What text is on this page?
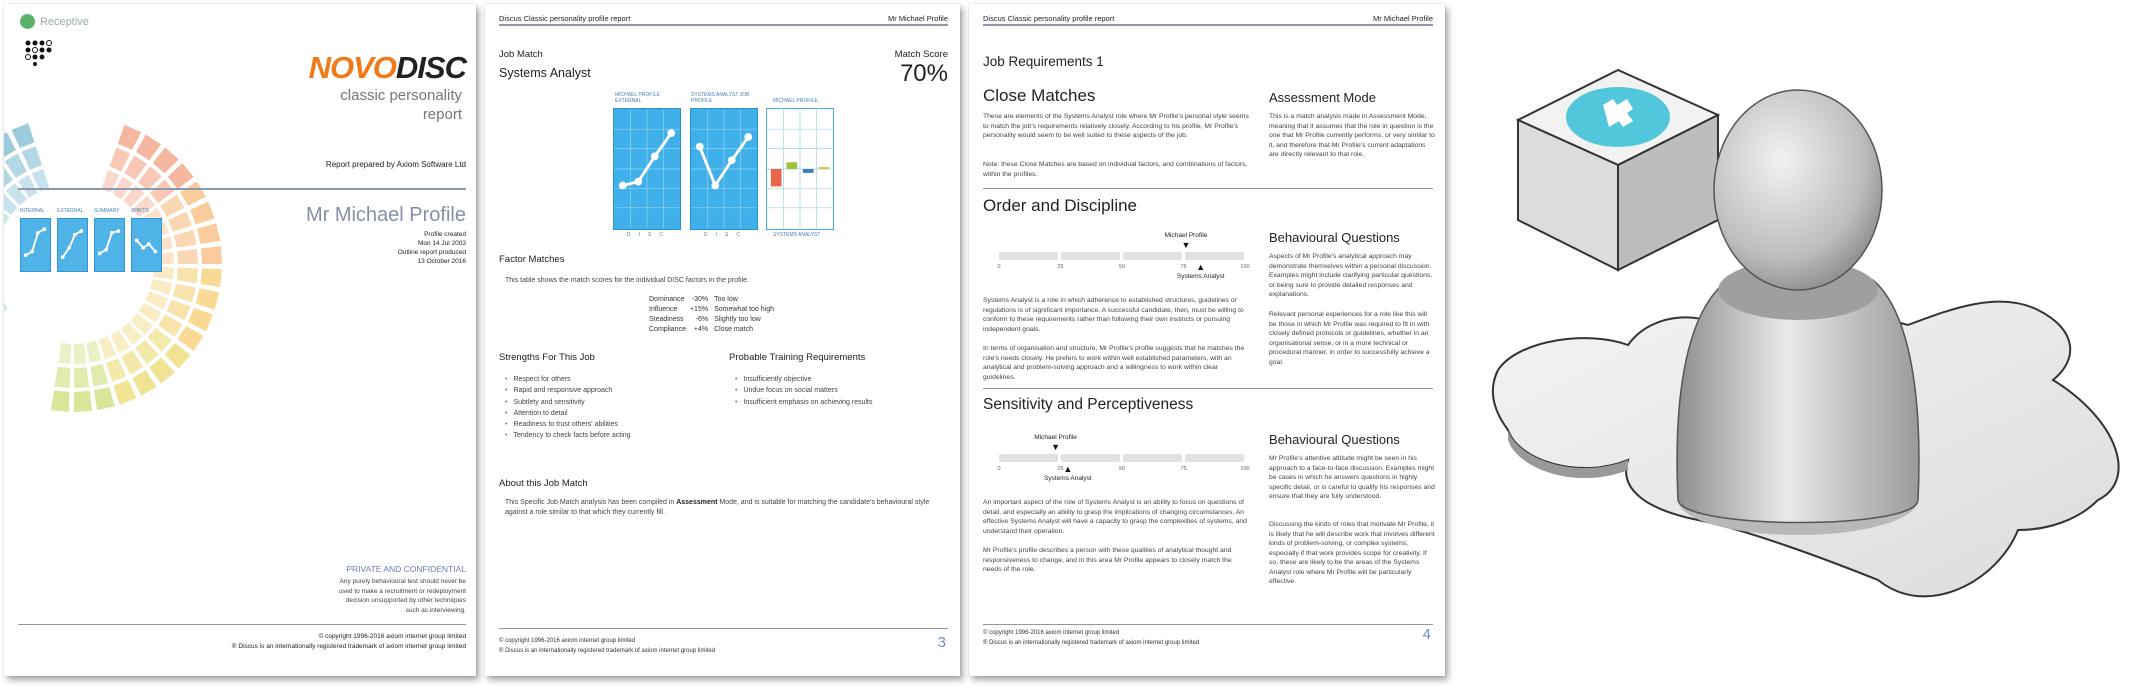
Receptive
NOVODISC
classic personality
report
Report prepared by Axiom Software Ltd
INTERNAL	EXTERNAL	SUMMARY	SHIFTS	Mr Michael Profile
Profile created
Mon 14 Jul 2003
Outline report produced
13 October 2016
PRIVATE AND CONFIDENTIAL
Any purely behavioural test should never be used to make a recruitment or redeployment decision unsupported by other techniques such as interviewing.
© copyright 1996-2016 axiom internet group limited
® Discus is an internationally registered trademark of axiom internet group limited
Discus Classic personality profile report	Mr Michael Profile
Job Match
Systems Analyst
Match Score
70%
MICHAEL PROFILE EXTERNAL
SYSTEMS ANALYST JOB PROFILE	MICHAEL PROFILE
SYSTEMS ANALYST
DISC	DISC
Factor Matches
This table shows the match scores for the individual DISC factors in the profile.
Dominance	-30%	Too low
Influence	+15%	Somewhat too high
Steadiness	-6%	Slightly too low
Compliance	+4%	Close match
Strengths For This Job
• Respect for others
• Rapid and responsive approach
• Subtlety and sensitivity
• Attention to detail
• Readiness to trust others' abilities
• Tendency to check facts before acting
Probable Training Requirements
• Insufficiently objective
• Undue focus on social matters
• Insufficient emphasis on achieving results
About this Job Match
This Specific Job Match analysis has been compiled in Assessment Mode, and is suitable for matching the candidate's behavioural style against a role similar to that which they currently fill.
© copyright 1996-2016 axiom internet group limited
® Discus is an internationally registered trademark of axiom internet group limited	3
Discus Classic personality profile report	Mr Michael Profile
Job Requirements 1
Close Matches
These are elements of the Systems Analyst role where Mr Profile's personal style seems to match the job's requirements relatively closely. According to his profile, Mr Profile's personality would seem to be well suited to these aspects of the job.
Note: these Close Matches are based on individual factors, and combinations of factors, within the profiles.
Assessment Mode
This is a match analysis made in Assessment Mode, meaning that it assumes that the role in question is the one that Mr Profile currently performs, or very similar to it, and therefore that Mr Profile's current adaptations are directly relevant to that role.
Order and Discipline
Michael Profile
▼
0	25	50	75	100
▲
Systems Analyst
Systems Analyst is a role in which adherence to established structures, guidelines or regulations is of significant importance. A successful candidate, then, must be willing to conform to these requirements rather than following their own instincts or pursuing independent goals.
In terms of organisation and structure, Mr Profile's profile suggests that he matches the role's needs closely. He prefers to work within well established parameters, with an analytical and problem-solving approach and a willingness to work within clear guidelines.
Behavioural Questions
Aspects of Mr Profile's analytical approach may demonstrate themselves within a personal discussion. Examples might include clarifying particular questions, or being sure to provide detailed responses and explanations.
Relevant personal experiences for a role like this will be those in which Mr Profile was required to fit in with closely defined protocols or guidelines, whether in an organisational sense, or in a more technical or procedural manner, in order to successfully achieve a goal.
Sensitivity and Perceptiveness
Michael Profile
▼
0	25	50	75	100
▲
Systems Analyst
An important aspect of the role of Systems Analyst is an ability to focus on questions of detail, and especially an ability to grasp the implications of changing circumstances. An effective Systems Analyst will have a capacity to grasp the complexities of systems, and understand their operation.
Mr Profile's profile describes a person with these qualities of analytical thought and responsiveness to change, and in this area Mr Profile appears to closely match the needs of the role.
Behavioural Questions
Mr Profile's attentive attitude might be seen in his approach to a face-to-face discussion. Examples might be cases in which he answers questions in highly specific detail, or is careful to qualify his responses and ensure that they are fully understood.
Discussing the kinds of roles that motivate Mr Profile, it is likely that he will describe work that involves different kinds of problem-solving, or complex systems, especially if that work provides scope for creativity. If so, these are likely to be the areas of the Systems Analyst role where Mr Profile will be particularly effective.
© copyright 1996-2016 axiom internet group limited
® Discus is an internationally registered trademark of axiom internet group limited	4
